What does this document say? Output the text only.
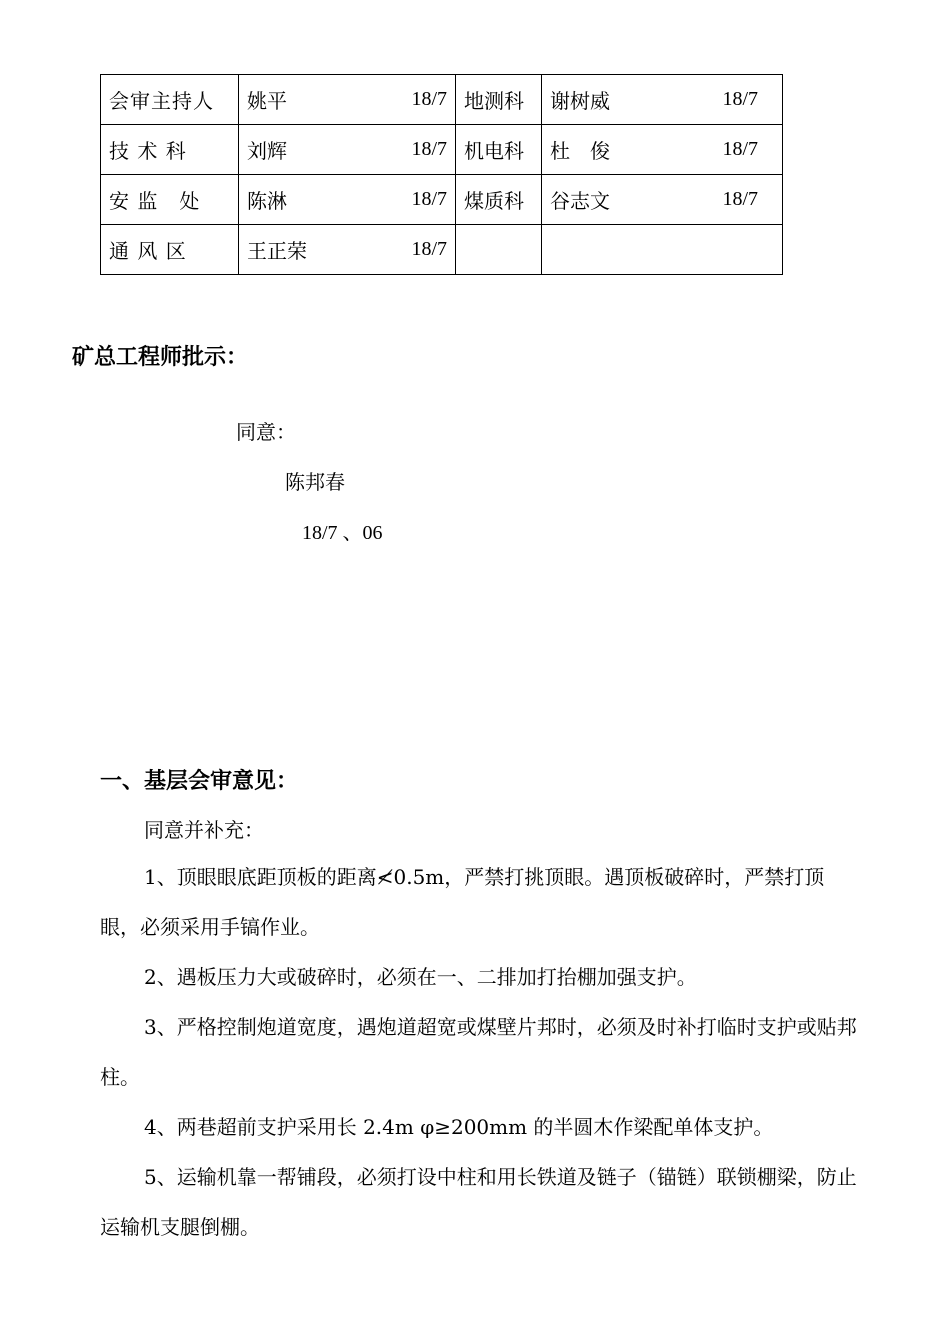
会审主持人	姚平 18/7	地测科	谢树威 18/7

技 术 科	刘辉 18/7	机电科	杜　俊 18/7

安 监　处	陈淋 18/7	煤质科	谷志文 18/7

通 风 区	王正荣 18/7		

矿总工程师批示：
同意：
陈邦春
18/7 、06
一、基层会审意见：
同意并补充：
1、顶眼眼底距顶板的距离≮0.5m，严禁打挑顶眼。遇顶板破碎时，严禁打顶眼，必须采用手镐作业。
2、遇板压力大或破碎时，必须在一、二排加打抬棚加强支护。
3、严格控制炮道宽度，遇炮道超宽或煤壁片邦时，必须及时补打临时支护或贴邦柱。
4、两巷超前支护采用长 2.4m φ≥200mm 的半圆木作梁配单体支护。
5、运输机靠一帮铺段，必须打设中柱和用长铁道及链子（锚链）联锁棚梁，防止运输机支腿倒棚。
